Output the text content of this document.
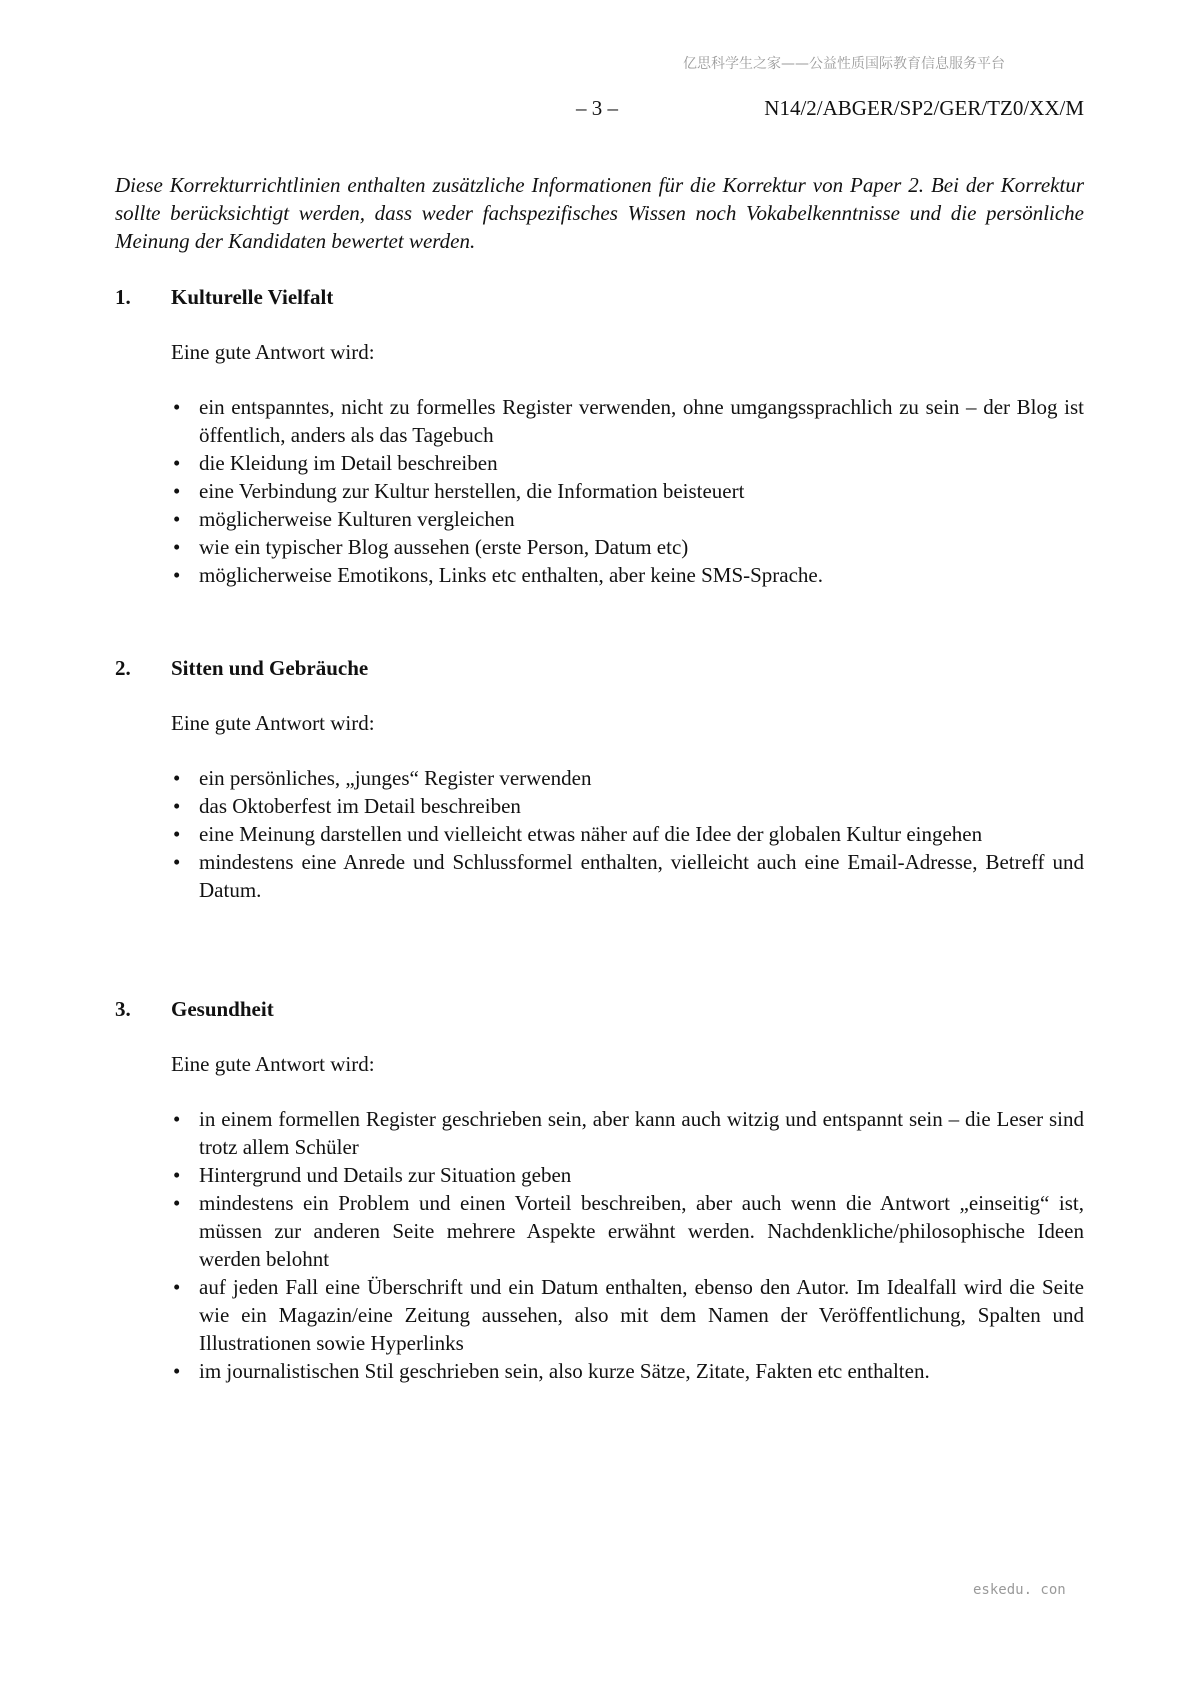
亿思科学生之家——公益性质国际教育信息服务平台
– 3 –	N14/2/ABGER/SP2/GER/TZ0/XX/M
Diese Korrekturrichtlinien enthalten zusätzliche Informationen für die Korrektur von Paper 2. Bei der Korrektur sollte berücksichtigt werden, dass weder fachspezifisches Wissen noch Vokabelkenntnisse und die persönliche Meinung der Kandidaten bewertet werden.
1.	Kulturelle Vielfalt
Eine gute Antwort wird:
• ein entspanntes, nicht zu formelles Register verwenden, ohne umgangssprachlich zu sein – der Blog ist öffentlich, anders als das Tagebuch
• die Kleidung im Detail beschreiben
• eine Verbindung zur Kultur herstellen, die Information beisteuert
• möglicherweise Kulturen vergleichen
• wie ein typischer Blog aussehen (erste Person, Datum etc)
• möglicherweise Emotikons, Links etc enthalten, aber keine SMS-Sprache.
2.	Sitten und Gebräuche
Eine gute Antwort wird:
• ein persönliches, „junges“ Register verwenden
• das Oktoberfest im Detail beschreiben
• eine Meinung darstellen und vielleicht etwas näher auf die Idee der globalen Kultur eingehen
• mindestens eine Anrede und Schlussformel enthalten, vielleicht auch eine Email-Adresse, Betreff und Datum.
3.	Gesundheit
Eine gute Antwort wird:
• in einem formellen Register geschrieben sein, aber kann auch witzig und entspannt sein – die Leser sind trotz allem Schüler
• Hintergrund und Details zur Situation geben
• mindestens ein Problem und einen Vorteil beschreiben, aber auch wenn die Antwort „einseitig“ ist, müssen zur anderen Seite mehrere Aspekte erwähnt werden. Nachdenkliche/philosophische Ideen werden belohnt
• auf jeden Fall eine Überschrift und ein Datum enthalten, ebenso den Autor. Im Idealfall wird die Seite wie ein Magazin/eine Zeitung aussehen, also mit dem Namen der Veröffentlichung, Spalten und Illustrationen sowie Hyperlinks
• im journalistischen Stil geschrieben sein, also kurze Sätze, Zitate, Fakten etc enthalten.
eskedu. con
